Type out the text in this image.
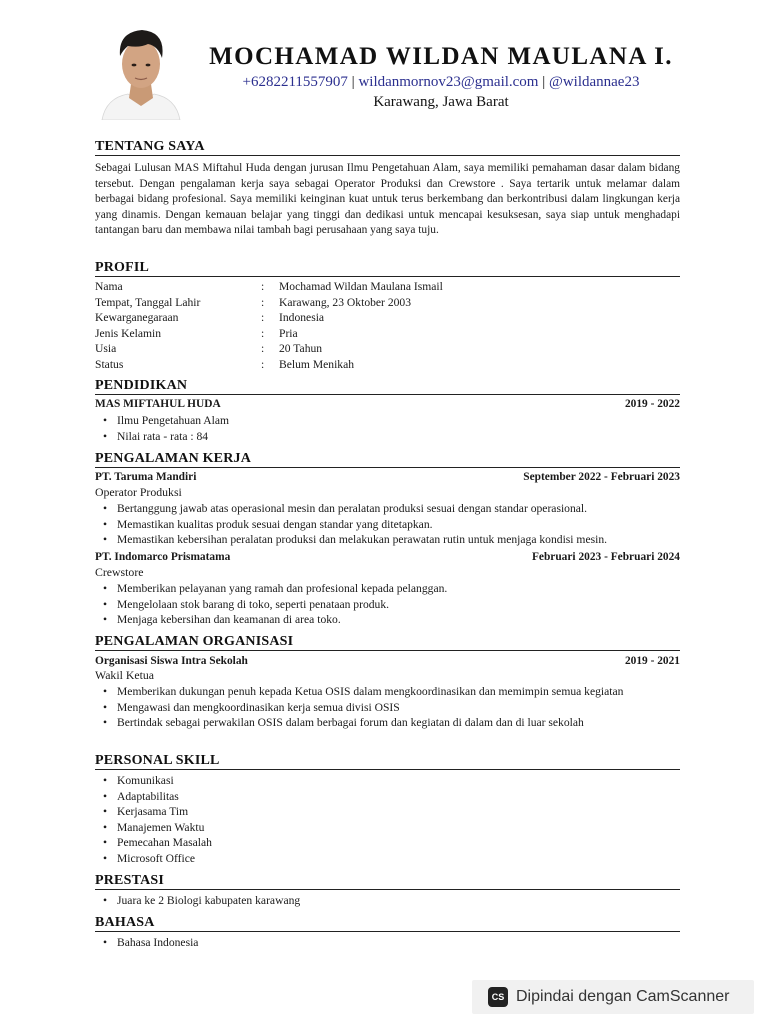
MOCHAMAD WILDAN MAULANA I.
+6282211557907 | wildanmornov23@gmail.com | @wildannae23
Karawang, Jawa Barat
TENTANG SAYA
Sebagai Lulusan MAS Miftahul Huda dengan jurusan Ilmu Pengetahuan Alam, saya memiliki pemahaman dasar dalam bidang tersebut. Dengan pengalaman kerja saya sebagai Operator Produksi dan Crewstore . Saya tertarik untuk melamar dalam berbagai bidang profesional. Saya memiliki keinginan kuat untuk terus berkembang dan berkontribusi dalam lingkungan kerja yang dinamis. Dengan kemauan belajar yang tinggi dan dedikasi untuk mencapai kesuksesan, saya siap untuk menghadapi tantangan baru dan membawa nilai tambah bagi perusahaan yang saya tuju.
PROFIL
Nama	: Mochamad Wildan Maulana Ismail
Tempat, Tanggal Lahir	: Karawang, 23 Oktober 2003
Kewarganegaraan	: Indonesia
Jenis Kelamin	: Pria
Usia	: 20 Tahun
Status	: Belum Menikah
PENDIDIKAN
MAS MIFTAHUL HUDA	2019 - 2022
• Ilmu Pengetahuan Alam
• Nilai rata - rata : 84
PENGALAMAN KERJA
PT. Taruma Mandiri	September 2022 - Februari 2023
Operator Produksi
• Bertanggung jawab atas operasional mesin dan peralatan produksi sesuai dengan standar operasional.
• Memastikan kualitas produk sesuai dengan standar yang ditetapkan.
• Memastikan kebersihan peralatan produksi dan melakukan perawatan rutin untuk menjaga kondisi mesin.
PT. Indomarco Prismatama	Februari 2023 - Februari 2024
Crewstore
• Memberikan pelayanan yang ramah dan profesional kepada pelanggan.
• Mengelolaan stok barang di toko, seperti penataan produk.
• Menjaga kebersihan dan keamanan di area toko.
PENGALAMAN ORGANISASI
Organisasi Siswa Intra Sekolah	2019 - 2021
Wakil Ketua
• Memberikan dukungan penuh kepada Ketua OSIS dalam mengkoordinasikan dan memimpin semua kegiatan
• Mengawasi dan mengkoordinasikan kerja semua divisi OSIS
• Bertindak sebagai perwakilan OSIS dalam berbagai forum dan kegiatan di dalam dan di luar sekolah
PERSONAL SKILL
• Komunikasi
• Adaptabilitas
• Kerjasama Tim
• Manajemen Waktu
• Pemecahan Masalah
• Microsoft Office
PRESTASI
• Juara ke 2 Biologi kabupaten karawang
BAHASA
• Bahasa Indonesia
CS Dipindai dengan CamScanner
